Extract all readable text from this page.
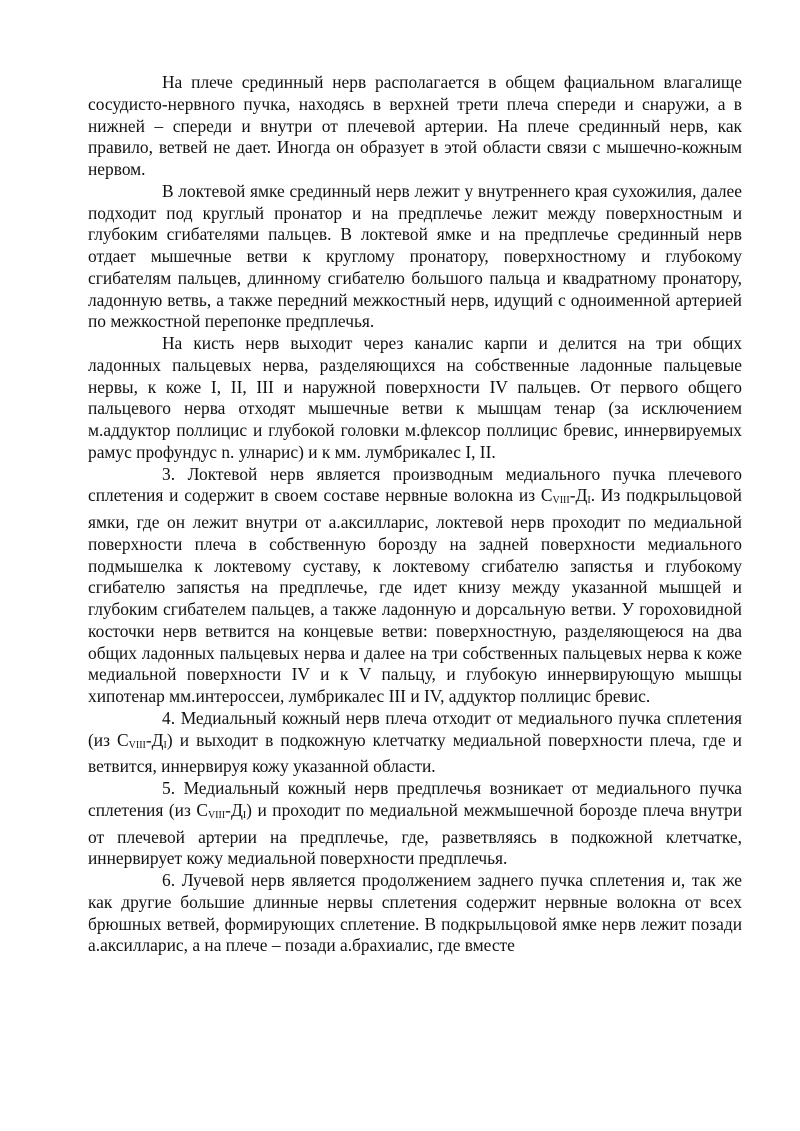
На плече срединный нерв располагается в общем фациальном влагалище сосудисто-нервного пучка, находясь в верхней трети плеча спереди и снаружи, а в нижней – спереди и внутри от плечевой артерии. На плече срединный нерв, как правило, ветвей не дает. Иногда он образует в этой области связи с мышечно-кожным нервом.

В локтевой ямке срединный нерв лежит у внутреннего края сухожилия, далее подходит под круглый пронатор и на предплечье лежит между поверхностным и глубоким сгибателями пальцев. В локтевой ямке и на предплечье срединный нерв отдает мышечные ветви к круглому пронатору, поверхностному и глубокому сгибателям пальцев, длинному сгибателю большого пальца и квадратному пронатору, ладонную ветвь, а также передний межкостный нерв, идущий с одноименной артерией по межкостной перепонке предплечья.

На кисть нерв выходит через каналис карпи и делится на три общих ладонных пальцевых нерва, разделяющихся на собственные ладонные пальцевые нервы, к коже I, II, III и наружной поверхности IV пальцев. От первого общего пальцевого нерва отходят мышечные ветви к мышцам тенар (за исключением м.аддуктор поллицис и глубокой головки м.флексор поллицис бревис, иннервируемых рамус профундус n. улнарис) и к мм. лумбрикалес I, II.

3. Локтевой нерв является производным медиального пучка плечевого сплетения и содержит в своем составе нервные волокна из $С_{VIII}-Д_I$. Из подкрыльцовой ямки, где он лежит внутри от а.аксилларис, локтевой нерв проходит по медиальной поверхности плеча в собственную борозду на задней поверхности медиального подмышелка к локтевому суставу, к локтевому сгибателю запястья и глубокому сгибателю запястья на предплечье, где идет книзу между указанной мышцей и глубоким сгибателем пальцев, а также ладонную и дорсальную ветви. У гороховидной косточки нерв ветвится на концевые ветви: поверхностную, разделяющеюся на два общих ладонных пальцевых нерва и далее на три собственных пальцевых нерва к коже медиальной поверхности IV и к V пальцу, и глубокую иннервирующую мышцы хипотенар мм.интероссеи, лумбрикалес III и IV, аддуктор поллицис бревис.

4. Медиальный кожный нерв плеча отходит от медиального пучка сплетения (из $С_{VIII}-Д_I$) и выходит в подкожную клетчатку медиальной поверхности плеча, где и ветвится, иннервируя кожу указанной области.

5. Медиальный кожный нерв предплечья возникает от медиального пучка сплетения (из $С_{VIII}-Д_I$) и проходит по медиальной межмышечной борозде плеча внутри от плечевой артерии на предплечье, где, разветвляясь в подкожной клетчатке, иннервирует кожу медиальной поверхности предплечья.

6. Лучевой нерв является продолжением заднего пучка сплетения и, так же как другие большие длинные нервы сплетения содержит нервные волокна от всех брюшных ветвей, формирующих сплетение. В подкрыльцовой ямке нерв лежит позади а.аксилларис, а на плече – позади а.брахиалис, где вместе
